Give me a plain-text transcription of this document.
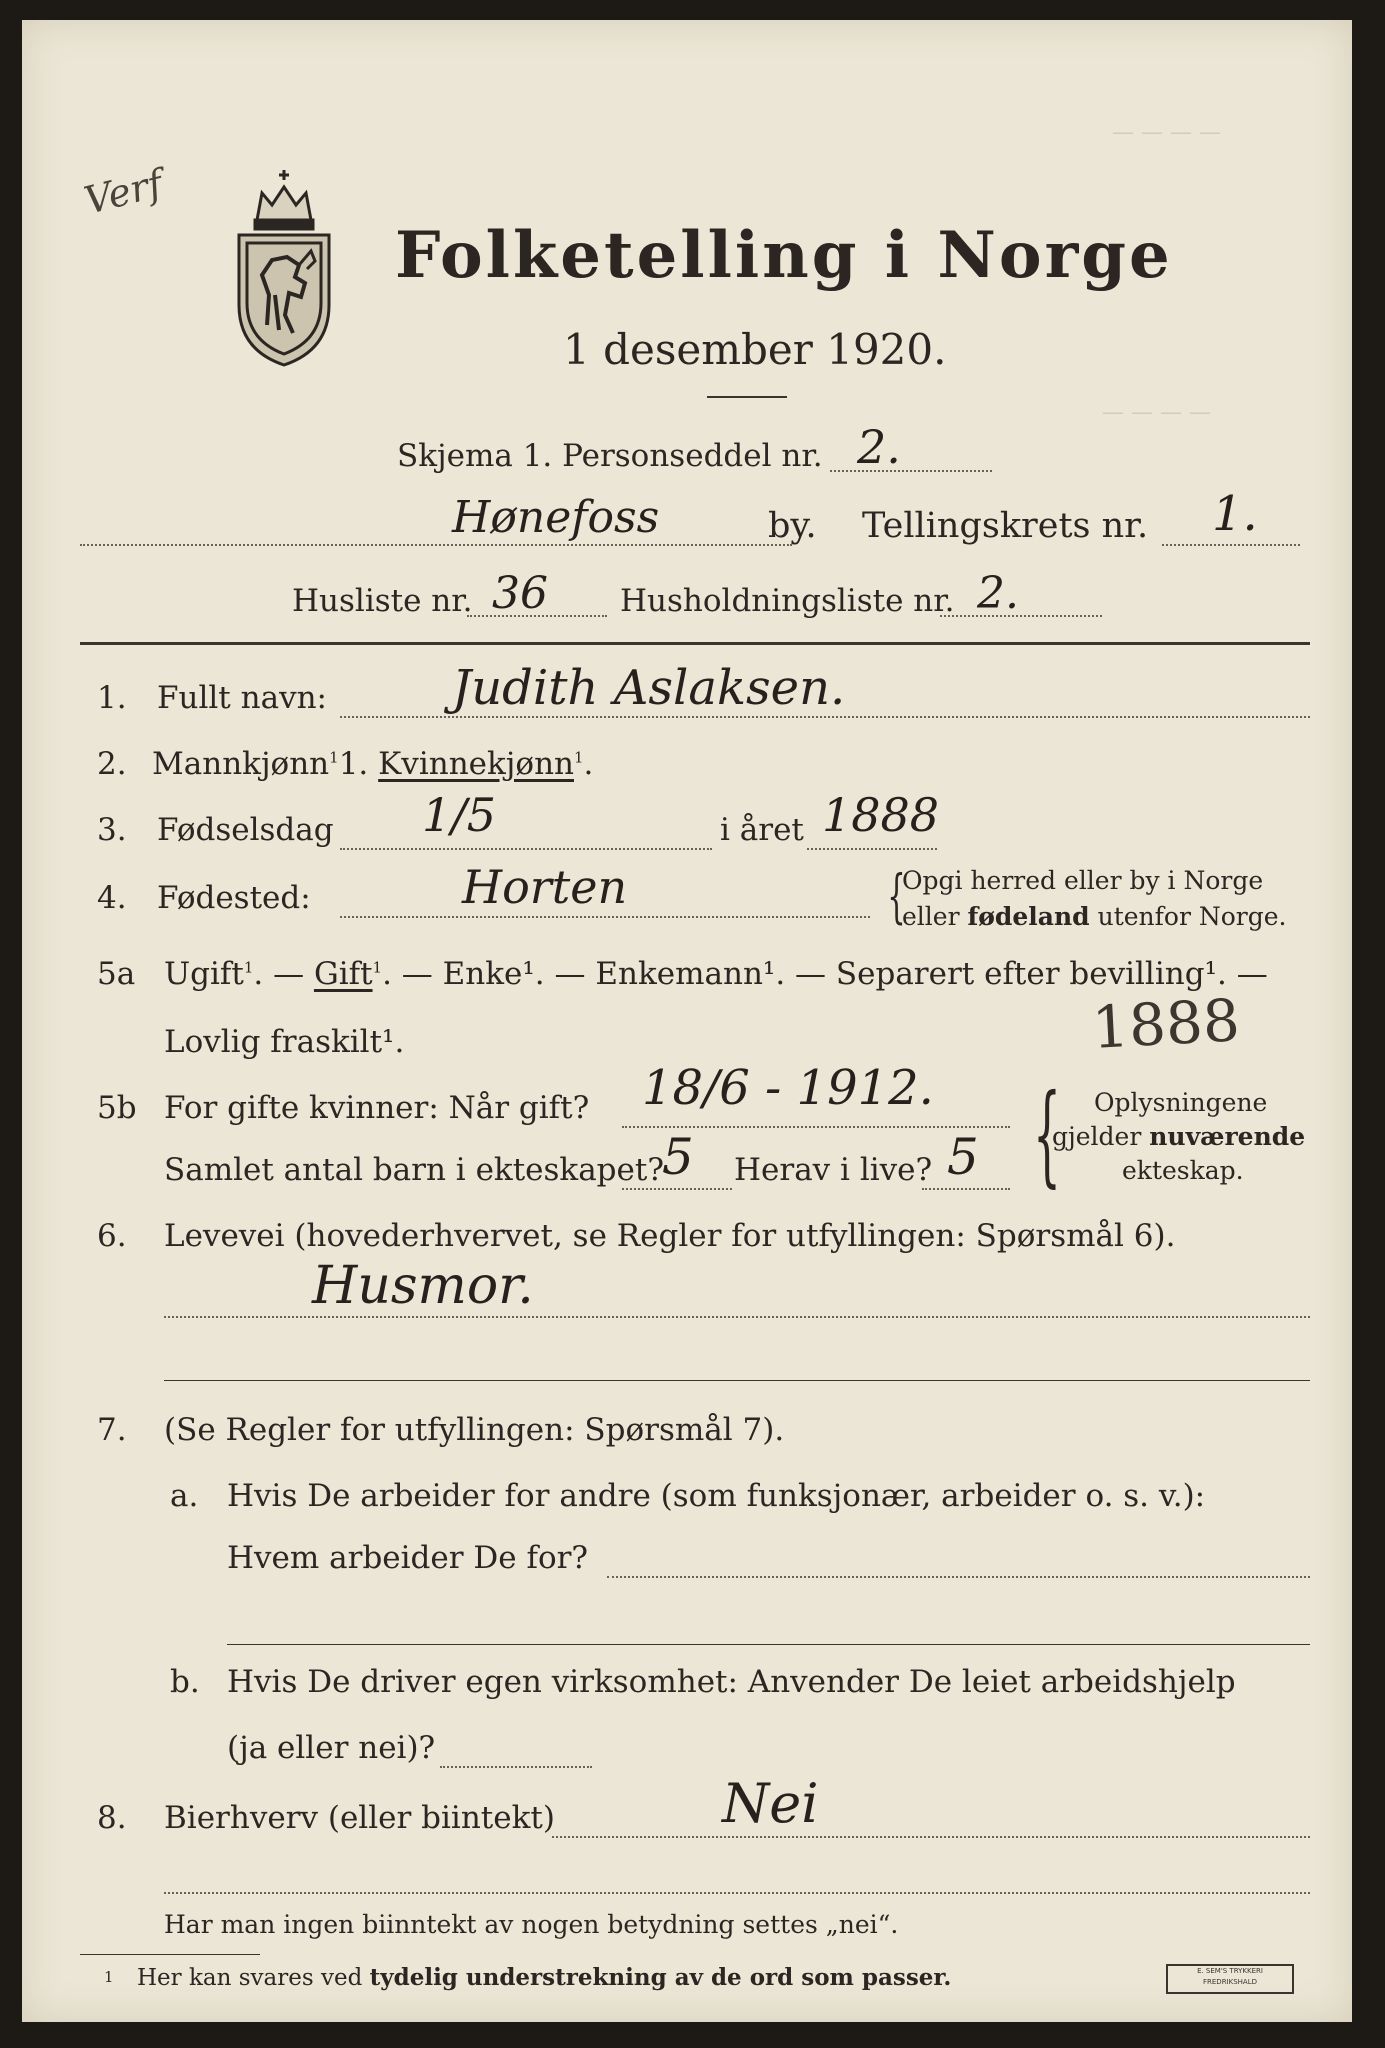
— — — —
— — — —
Verf
Folketelling i Norge
1 desember 1920.
Skjema 1. Personseddel nr. 2.
Hønefoss	by. Tellingskrets nr. 1.
Husliste nr. 36 Husholdningsliste nr. 2.
1. Fullt navn:	Judith Aslaksen.
2. Mannkjønn$^1$1. Kvinnekjønn$^1$.
3. Fødselsdag 1/5	i året 1888
4. Fødested:	Horten	{
Opgi herred eller by i Norge
eller fødeland utenfor Norge.
5a Ugift$^1$. — Gift$^1$. — Enke¹. — Enkemann¹. — Separert efter bevilling¹. —
Lovlig fraskilt¹.	1888
5b For gifte kvinner: Når gift? 18/6 - 1912.
Samlet antal barn i ekteskapet?
5 Herav i live? 5 { Oplysningene
gjelder nuværende
ekteskap.
6. Levevei (hovederhvervet, se Regler for utfyllingen: Spørsmål 6).
Husmor.
7. (Se Regler for utfyllingen: Spørsmål 7).
a. Hvis De arbeider for andre (som funksjonær, arbeider o. s. v.):
Hvem arbeider De for?
b. Hvis De driver egen virksomhet: Anvender De leiet arbeidshjelp
(ja eller nei)?
8. Bierhverv (eller biintekt)	Nei
Har man ingen biinntekt av nogen betydning settes „nei“.
1 Her kan svares ved tydelig understrekning av de ord som passer.	E. SEM'S TRYKKERI
FREDRIKSHALD
